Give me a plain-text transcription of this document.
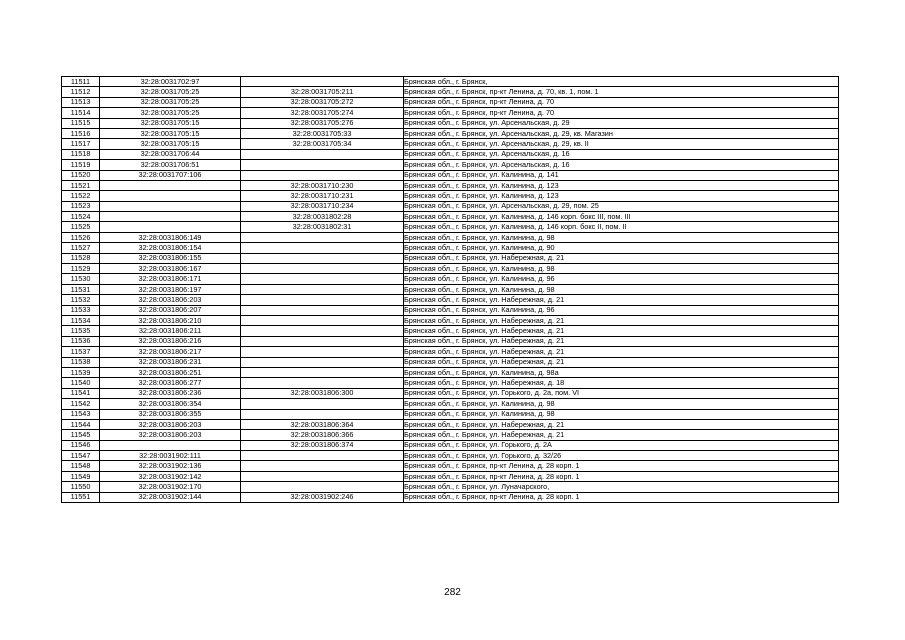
11511	32:28:0031702:97		Брянская обл., г. Брянск,
11512	32:28:0031705:25	32:28:0031705:211	Брянская обл., г. Брянск, пр-кт Ленина, д. 70, кв. 1, пом. 1
11513	32:28:0031705:25	32:28:0031705:272	Брянская обл., г. Брянск, пр-кт Ленина, д. 70
11514	32:28:0031705:25	32:28:0031705:274	Брянская обл., г. Брянск, пр-кт Ленина, д. 70
11515	32:28:0031705:15	32:28:0031705:276	Брянская обл., г. Брянск, ул. Арсенальская, д. 29
11516	32:28:0031705:15	32:28:0031705:33	Брянская обл., г. Брянск, ул. Арсенальская, д. 29, кв. Магазин
11517	32:28:0031705:15	32:28:0031705:34	Брянская обл., г. Брянск, ул. Арсенальская, д. 29, кв. II
11518	32:28:0031706:44		Брянская обл., г. Брянск, ул. Арсенальская, д. 16
11519	32:28:0031706:51		Брянская обл., г. Брянск, ул. Арсенальская, д. 16
11520	32:28:0031707:106		Брянская обл., г. Брянск, ул. Калинина, д. 141
11521		32:28:0031710:230	Брянская обл., г. Брянск, ул. Калинина, д. 123
11522		32:28:0031710:231	Брянская обл., г. Брянск, ул. Калинина, д. 123
11523		32:28:0031710:234	Брянская обл., г. Брянск, ул. Арсенальская, д. 29, пом. 25
11524		32:28:0031802:28	Брянская обл., г. Брянск, ул. Калинина, д. 146 корп. бокс III, пом. III
11525		32:28:0031802:31	Брянская обл., г. Брянск, ул. Калинина, д. 146 корп. бокс II, пом. II
11526	32:28:0031806:149		Брянская обл., г. Брянск, ул. Калинина, д. 98
11527	32:28:0031806:154		Брянская обл., г. Брянск, ул. Калинина, д. 90
11528	32:28:0031806:155		Брянская обл., г. Брянск, ул. Набережная, д. 21
11529	32:28:0031806:167		Брянская обл., г. Брянск, ул. Калинина, д. 98
11530	32:28:0031806:171		Брянская обл., г. Брянск, ул. Калинина, д. 96
11531	32:28:0031806:197		Брянская обл., г. Брянск, ул. Калинина, д. 98
11532	32:28:0031806:203		Брянская обл., г. Брянск, ул. Набережная, д. 21
11533	32:28:0031806:207		Брянская обл., г. Брянск, ул. Калинина, д. 96
11534	32:28:0031806:210		Брянская обл., г. Брянск, ул. Набережная, д. 21
11535	32:28:0031806:211		Брянская обл., г. Брянск, ул. Набережная, д. 21
11536	32:28:0031806:216		Брянская обл., г. Брянск, ул. Набережная, д. 21
11537	32:28:0031806:217		Брянская обл., г. Брянск, ул. Набережная, д. 21
11538	32:28:0031806:231		Брянская обл., г. Брянск, ул. Набережная, д. 21
11539	32:28:0031806:251		Брянская обл., г. Брянск, ул. Калинина, д. 98а
11540	32:28:0031806:277		Брянская обл., г. Брянск, ул. Набережная, д. 18
11541	32:28:0031806:236	32:28:0031806:300	Брянская обл., г. Брянск, ул. Горького, д. 2а, пом. VI
11542	32:28:0031806:354		Брянская обл., г. Брянск, ул. Калинина, д. 98
11543	32:28:0031806:355		Брянская обл., г. Брянск, ул. Калинина, д. 98
11544	32:28:0031806:203	32:28:0031806:364	Брянская обл., г. Брянск, ул. Набережная, д. 21
11545	32:28:0031806:203	32:28:0031806:366	Брянская обл., г. Брянск, ул. Набережная, д. 21
11546		32:28:0031806:374	Брянская обл., г. Брянск, ул. Горького, д. 2А
11547	32:28:0031902:111		Брянская обл., г. Брянск, ул. Горького, д. 32/26
11548	32:28:0031902:136		Брянская обл., г. Брянск, пр-кт Ленина, д. 28 корп. 1
11549	32:28:0031902:142		Брянская обл., г. Брянск, пр-кт Ленина, д. 28 корп. 1
11550	32:28:0031902:170		Брянская обл., г. Брянск, ул. Луначарского,
11551	32:28:0031902:144	32:28:0031902:246	Брянская обл., г. Брянск, пр-кт Ленина, д. 28 корп. 1
282
